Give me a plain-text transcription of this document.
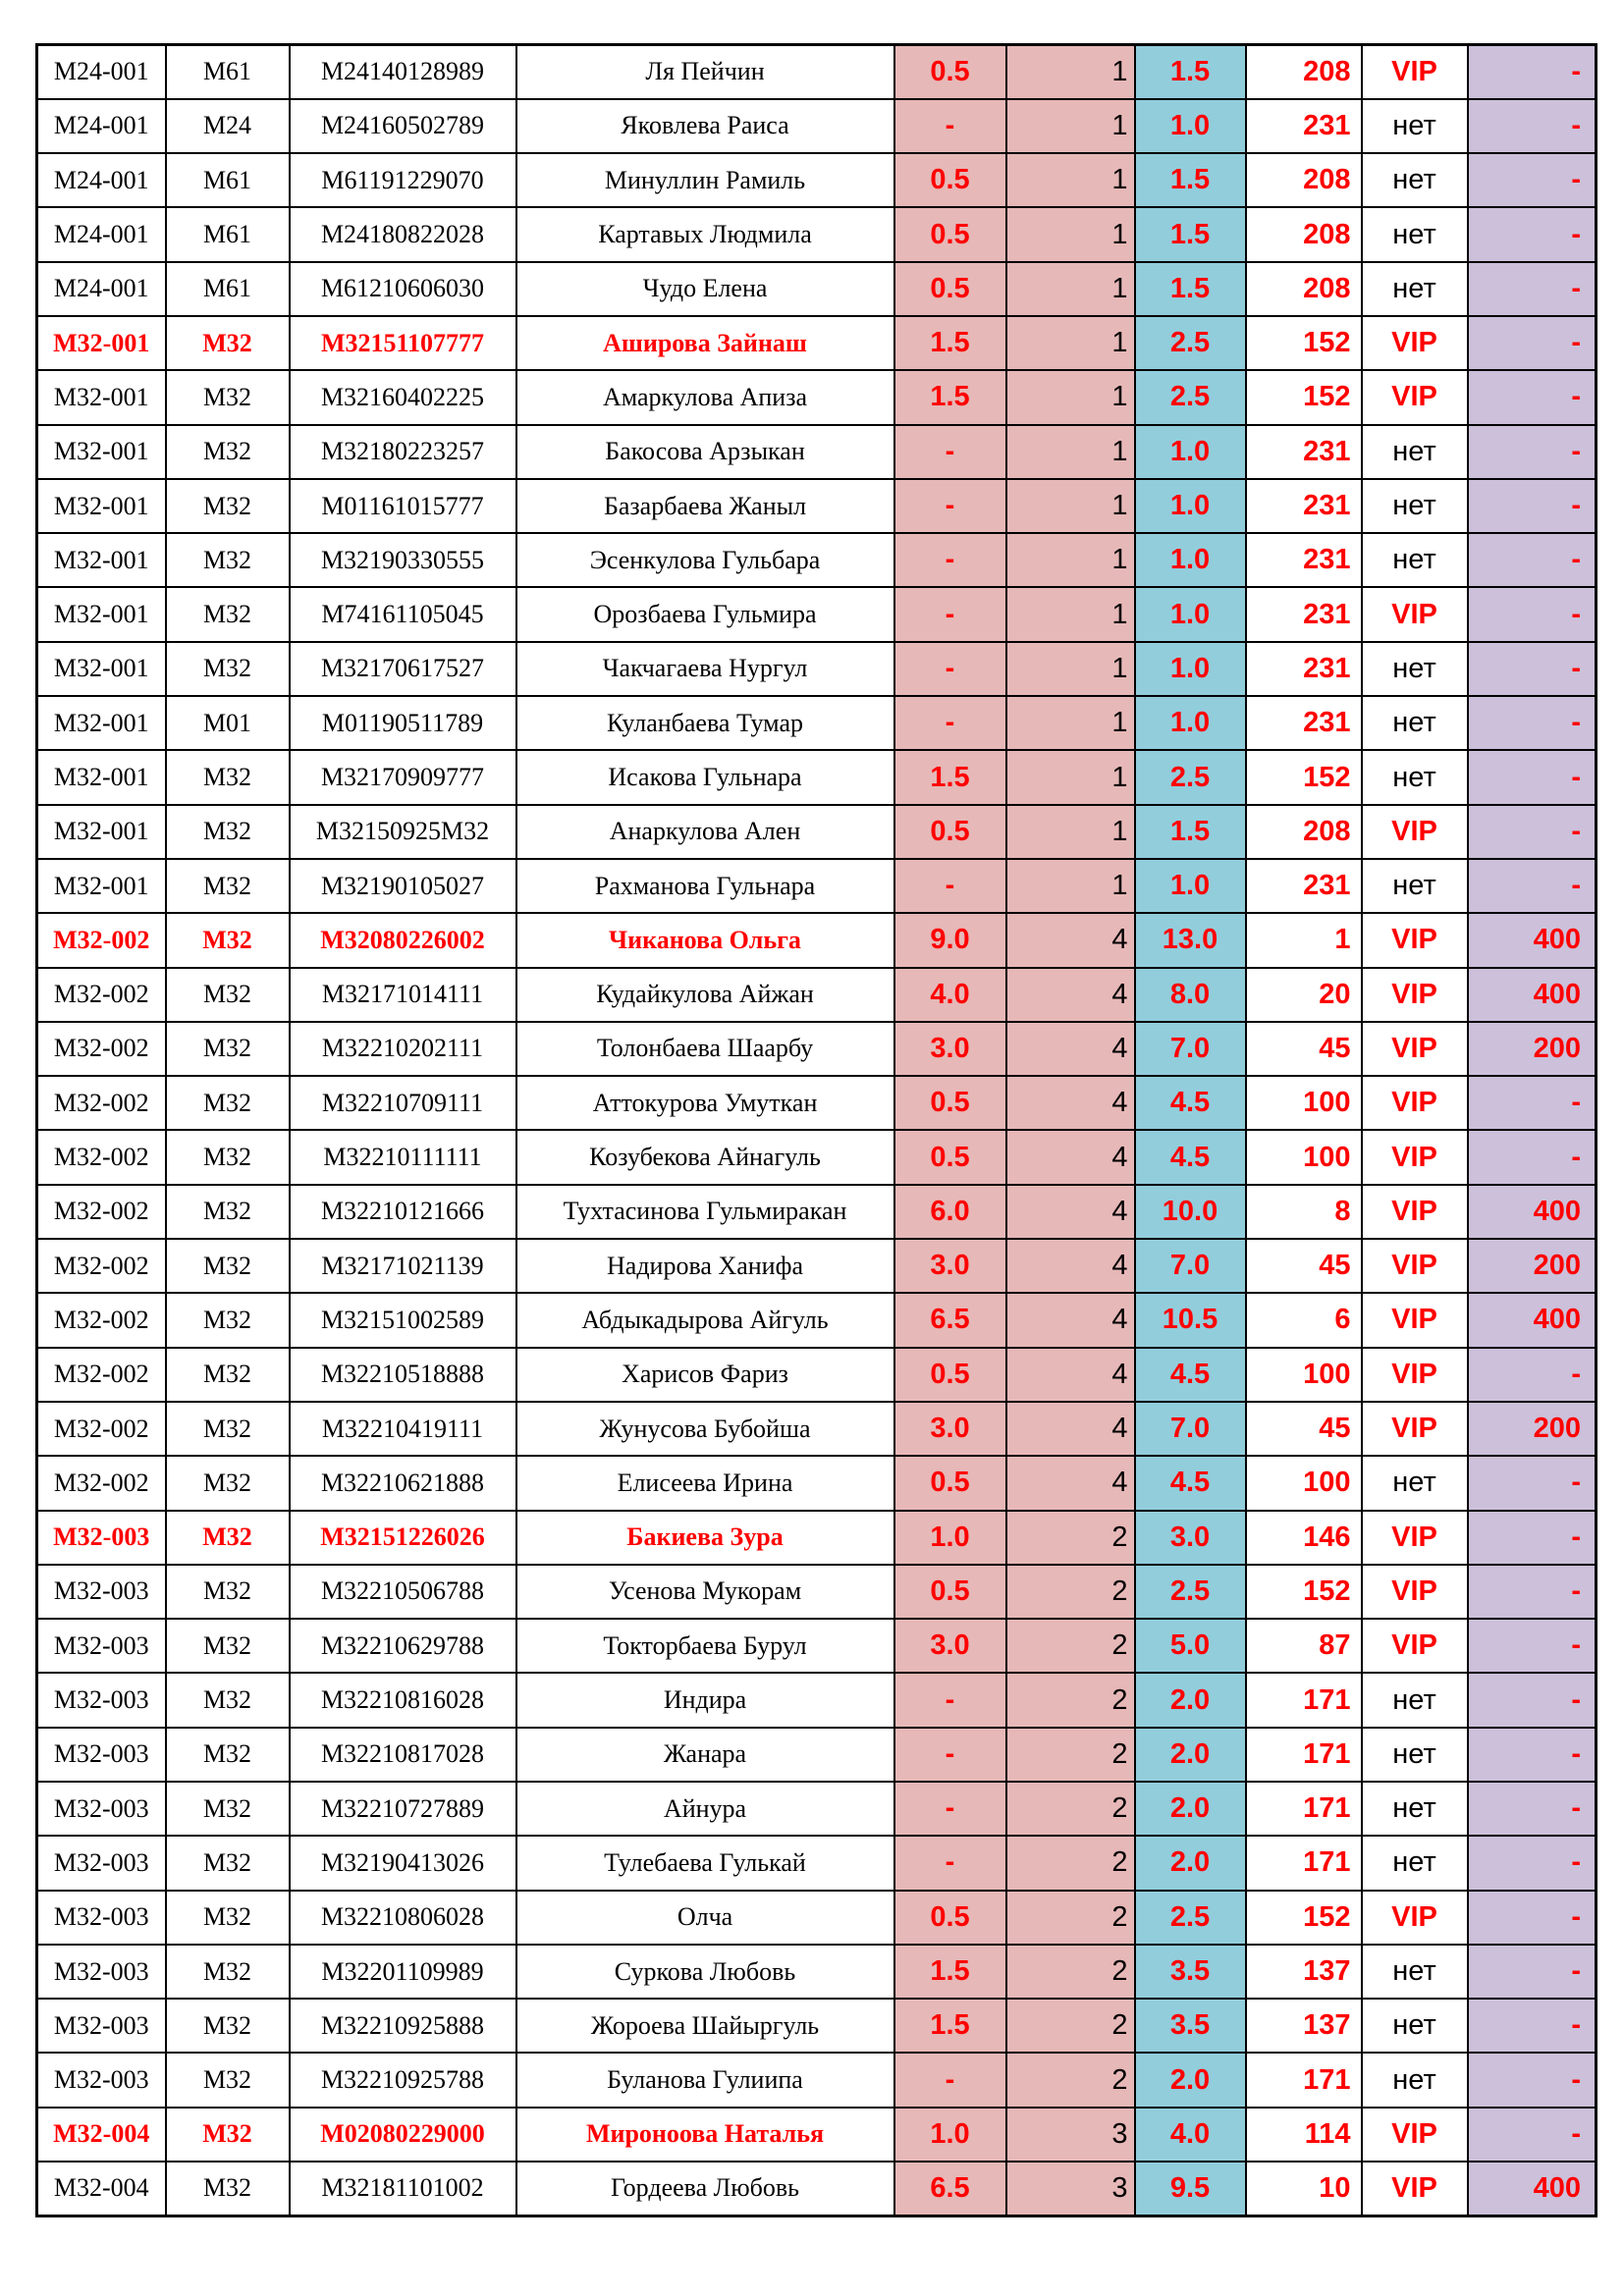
M24-001	M61	M24140128989	Ля Пейчин	0.5	1	1.5	208	VIP	-
M24-001	M24	M24160502789	Яковлева Раиса	-	1	1.0	231	нет	-
M24-001	M61	M61191229070	Минуллин Рамиль	0.5	1	1.5	208	нет	-
M24-001	M61	M24180822028	Картавых Людмила	0.5	1	1.5	208	нет	-
M24-001	M61	M61210606030	Чудо Елена	0.5	1	1.5	208	нет	-
M32-001	M32	M32151107777	Аширова Зайнаш	1.5	1	2.5	152	VIP	-
M32-001	M32	M32160402225	Амаркулова Апиза	1.5	1	2.5	152	VIP	-
M32-001	M32	M32180223257	Бакосова Арзыкан	-	1	1.0	231	нет	-
M32-001	M32	M01161015777	Базарбаева Жаныл	-	1	1.0	231	нет	-
M32-001	M32	M32190330555	Эсенкулова Гульбара	-	1	1.0	231	нет	-
M32-001	M32	M74161105045	Орозбаева Гульмира	-	1	1.0	231	VIP	-
M32-001	M32	M32170617527	Чакчагаева Нургул	-	1	1.0	231	нет	-
M32-001	M01	M01190511789	Куланбаева Тумар	-	1	1.0	231	нет	-
M32-001	M32	M32170909777	Исакова Гульнара	1.5	1	2.5	152	нет	-
M32-001	M32	M32150925M32	Анаркулова Ален	0.5	1	1.5	208	VIP	-
M32-001	M32	M32190105027	Рахманова Гульнара	-	1	1.0	231	нет	-
M32-002	M32	M32080226002	Чиканова Ольга	9.0	4	13.0	1	VIP	400
M32-002	M32	M32171014111	Кудайкулова Айжан	4.0	4	8.0	20	VIP	400
M32-002	M32	M32210202111	Толонбаева Шаарбу	3.0	4	7.0	45	VIP	200
M32-002	M32	M32210709111	Аттокурова Умуткан	0.5	4	4.5	100	VIP	-
M32-002	M32	M32210111111	Козубекова Айнагуль	0.5	4	4.5	100	VIP	-
M32-002	M32	M32210121666	Тухтасинова Гульмиракан	6.0	4	10.0	8	VIP	400
M32-002	M32	M32171021139	Надирова Ханифа	3.0	4	7.0	45	VIP	200
M32-002	M32	M32151002589	Абдыкадырова Айгуль	6.5	4	10.5	6	VIP	400
M32-002	M32	M32210518888	Харисов Фариз	0.5	4	4.5	100	VIP	-
M32-002	M32	M32210419111	Жунусова Бубойша	3.0	4	7.0	45	VIP	200
M32-002	M32	M32210621888	Елисеева Ирина	0.5	4	4.5	100	нет	-
M32-003	M32	M32151226026	Бакиева Зура	1.0	2	3.0	146	VIP	-
M32-003	M32	M32210506788	Усенова Мукорам	0.5	2	2.5	152	VIP	-
M32-003	M32	M32210629788	Токторбаева Бурул	3.0	2	5.0	87	VIP	-
M32-003	M32	M32210816028	Индира	-	2	2.0	171	нет	-
M32-003	M32	M32210817028	Жанара	-	2	2.0	171	нет	-
M32-003	M32	M32210727889	Айнура	-	2	2.0	171	нет	-
M32-003	M32	M32190413026	Тулебаева Гулькай	-	2	2.0	171	нет	-
M32-003	M32	M32210806028	Олча	0.5	2	2.5	152	VIP	-
M32-003	M32	M32201109989	Суркова Любовь	1.5	2	3.5	137	нет	-
M32-003	M32	M32210925888	Жороева Шайыргуль	1.5	2	3.5	137	нет	-
M32-003	M32	M32210925788	Буланова Гулиипа	-	2	2.0	171	нет	-
M32-004	M32	M02080229000	Мироноова Наталья	1.0	3	4.0	114	VIP	-
M32-004	M32	M32181101002	Гордеева Любовь	6.5	3	9.5	10	VIP	400
